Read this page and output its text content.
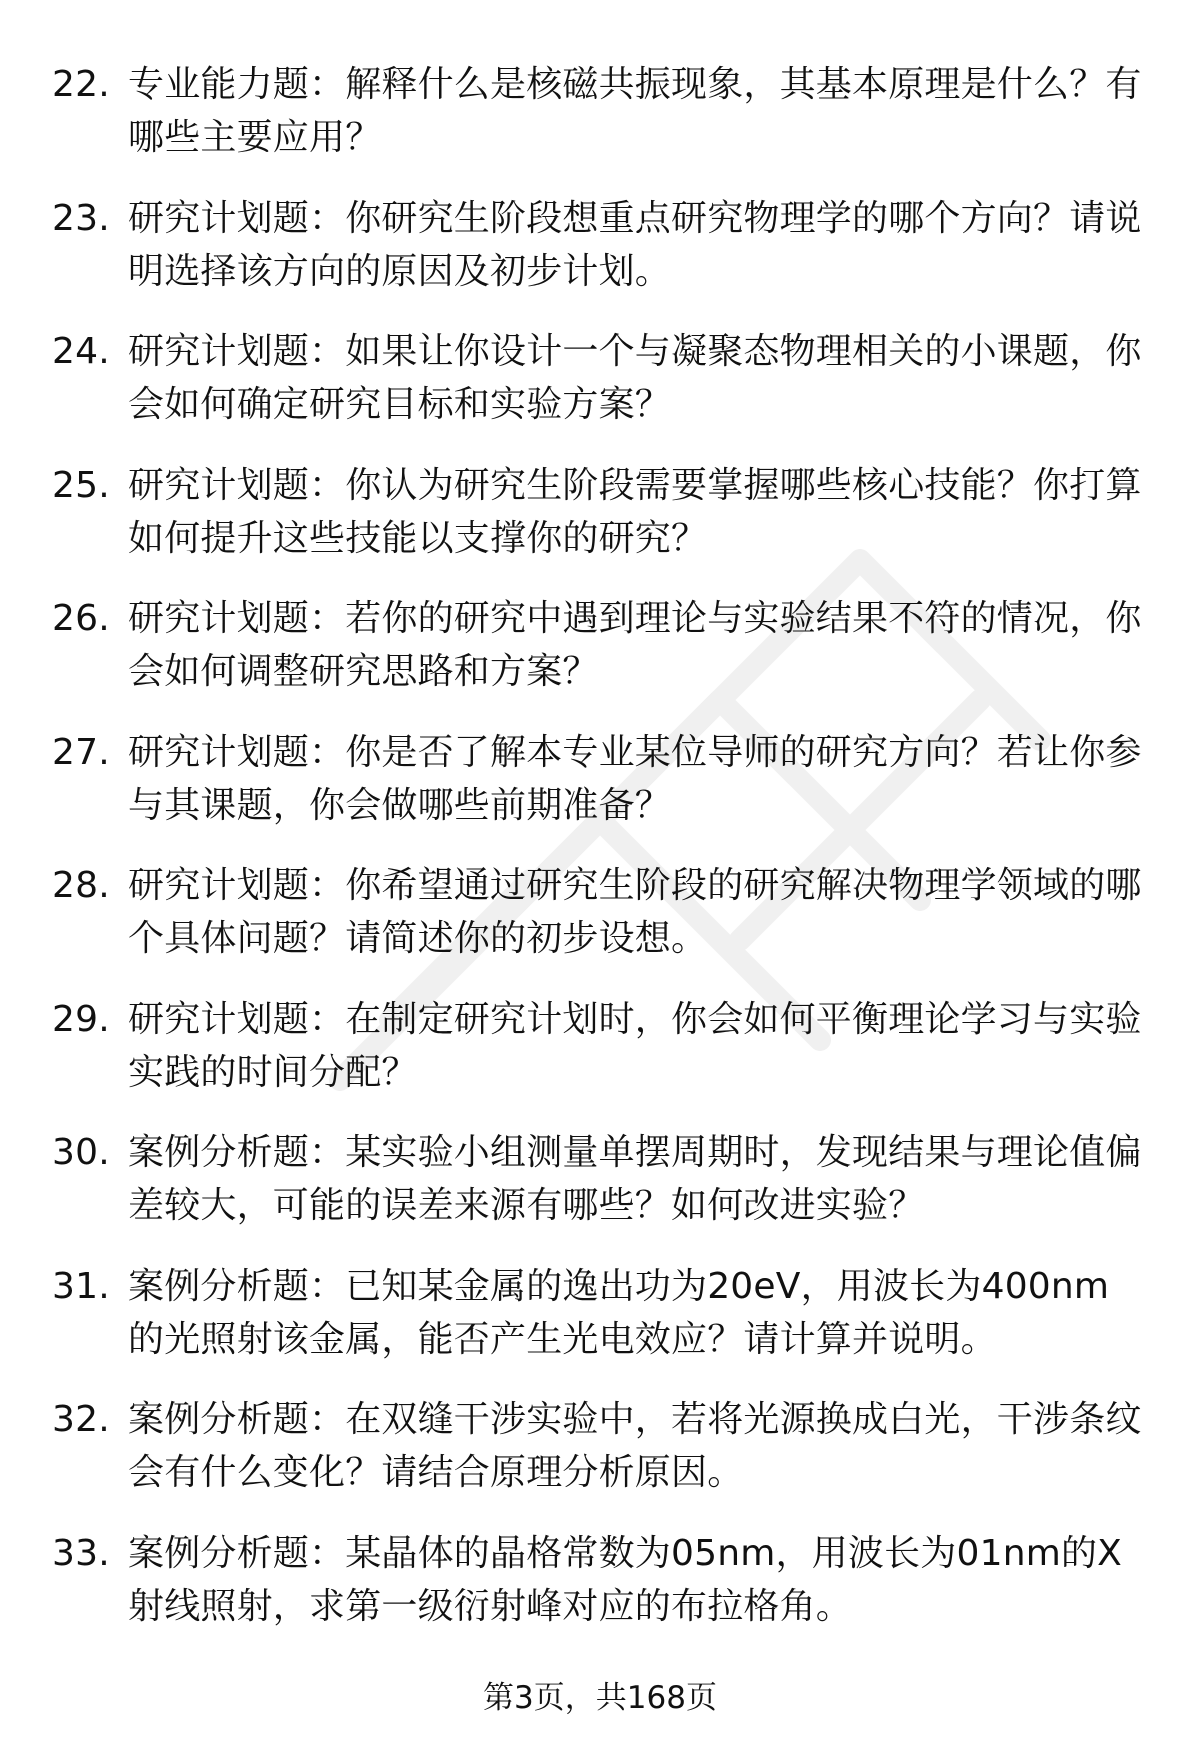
22. 专业能力题：解释什么是核磁共振现象，其基本原理是什么？有哪些主要应用？
23. 研究计划题：你研究生阶段想重点研究物理学的哪个方向？请说明选择该方向的原因及初步计划。
24. 研究计划题：如果让你设计一个与凝聚态物理相关的小课题，你会如何确定研究目标和实验方案？
25. 研究计划题：你认为研究生阶段需要掌握哪些核心技能？你打算如何提升这些技能以支撑你的研究？
26. 研究计划题：若你的研究中遇到理论与实验结果不符的情况，你会如何调整研究思路和方案？
27. 研究计划题：你是否了解本专业某位导师的研究方向？若让你参与其课题，你会做哪些前期准备？
28. 研究计划题：你希望通过研究生阶段的研究解决物理学领域的哪个具体问题？请简述你的初步设想。
29. 研究计划题：在制定研究计划时，你会如何平衡理论学习与实验实践的时间分配？
30. 案例分析题：某实验小组测量单摆周期时，发现结果与理论值偏差较大，可能的误差来源有哪些？如何改进实验？
31. 案例分析题：已知某金属的逸出功为20eV，用波长为400nm的光照射该金属，能否产生光电效应？请计算并说明。
32. 案例分析题：在双缝干涉实验中，若将光源换成白光，干涉条纹会有什么变化？请结合原理分析原因。
33. 案例分析题：某晶体的晶格常数为05nm，用波长为01nm的X射线照射，求第一级衍射峰对应的布拉格角。
第3页，共168页
